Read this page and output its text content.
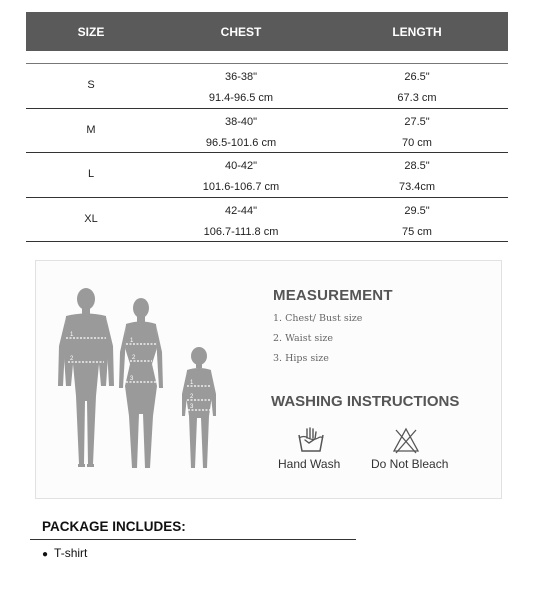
SIZE	CHEST	LENGTH
S
36-38"	26.5"
91.4-96.5 cm	67.3 cm
M
38-40"	27.5"
96.5-101.6 cm	70 cm
L
40-42"	28.5"
101.6-106.7 cm	73.4cm
XL
42-44"	29.5"
106.7-111.8 cm	75 cm
1
2
1
2
3
1
2
3
MEASUREMENT
1. Chest/ Bust size
2. Waist size
3. Hips size
WASHING INSTRUCTIONS
Hand Wash	Do Not Bleach
PACKAGE INCLUDES:
● T-shirt
